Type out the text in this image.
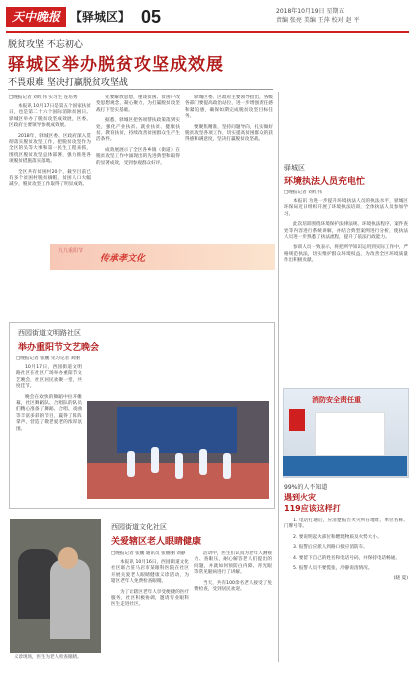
天中晚报 【驿城区】 05	2018年10月19日 星期五
责编 张亮 美编 王萍 校对 赵 平
脱贫攻坚 不忘初心
驿城区举办脱贫攻坚成效展
不畏艰难 坚决打赢脱贫攻坚战
□晚报记者 刘红伟 实习生 连培秀

本报讯 10月17日是第五个国家扶贫日，也是第二十六个国际消除贫困日。驿城区举办了脱贫攻坚成效展，区委、区政府主要领导参观成效展。

2018年，驿城区委、区政府深入贯彻落实脱贫攻坚工作，把脱贫攻坚作为全区的头等大事和第一民生工程来抓，围绕区脱贫攻坚总体部署，强力推进各项脱贫措施落实落地。

全区共有贫困村20个，截至目前已有多个贫困村脱贫摘帽，贫困人口大幅减少，脱贫攻坚工作取得了明显成效。

先要解放思想，重谈贫困、贫困户改变思想观念，凝心聚力，为打赢脱贫攻坚战打下坚实基础。

据悉，驿城区把各项帮扶政策落到实处，强化产业扶贫、就业扶贫、健康扶贫、教育扶贫，持续改善贫困群众生产生活条件。

成效展展示了全区各乡镇（街道）在脱贫攻坚工作中涌现出的先进典型和取得的显著成效，受到参观群众好评。

驿城区委、区政府主要领导指出，各级各部门要提高政治站位，进一步增强责任感和紧迫感，确保如期完成脱贫攻坚目标任务。

要聚焦精准，坚持问题导向，扎实做好脱贫攻坚各项工作，切实提高贫困群众的获得感和满意度，坚决打赢脱贫攻坚战。

九九重阳节
传承孝文化
驿城区
环境执法人员充电忙
□晚报记者 刘红伟

本报讯 为进一步提升环境执法人员的执法水平，驿城区环保局近日组织开展了环境执法培训，全体执法人员参加学习。

此次培训围绕环境保护法律法规、环境执法程序、案件查处等内容进行系统讲解，并结合典型案例进行分析，使执法人员进一步熟悉了执法流程，提升了依法行政能力。

参训人员一致表示，将把所学知识运用到实际工作中，严格规范执法，切实维护群众环境权益，为改善全区环境质量作出积极贡献。

消防安全责任重
99%的人不知道
遇到火灾
119应该这样打

1. 电话打通后，应清楚报告火灾所在地址、单位名称、门牌号等。

2. 要说明起火部位和燃烧物质及火势大小。

3. 报警后应派人到路口接应消防车。

4. 要留下自己的姓名和电话号码，并保持电话畅通。

5. 报警人员不要慌张，冷静说清情况。

(晓 夏)

西园街道文明路社区
举办重阳节文艺晚会
□晚报记者 张鹏 见习记者 刘丽

10月17日，西园街道文明路社区在社区广场举办重阳节文艺晚会，社区居民欢聚一堂，共度佳节。

晚会在欢快的舞蹈中拉开帷幕，社区舞蹈队、合唱队的队员们精心准备了舞蹈、合唱、戏曲等丰富多彩的节目，赢得了阵阵掌声，营造了敬老爱老的浓厚氛围。

义诊现场，医生为老人检查眼睛。
西园街道文化社区
关爱辖区老人眼睛健康
□晚报记者 张鹏 通讯员 张丽丽 刘静

本报讯 10月16日，西园街道文化社区联合驻马店市某眼科医院在社区开展关爱老人眼睛健康义诊活动，为辖区老年人免费检查眼睛。

为了让辖区老年人享受便捷的医疗服务，社区积极协调，邀请专业眼科医生走进社区。

活动中，医生们认真为老年人测视力、查眼压，耐心解答老人们提出的问题，并就如何预防白内障、青光眼等常见眼病进行了讲解。

当天，共有100余名老人接受了免费检查，受到居民欢迎。
